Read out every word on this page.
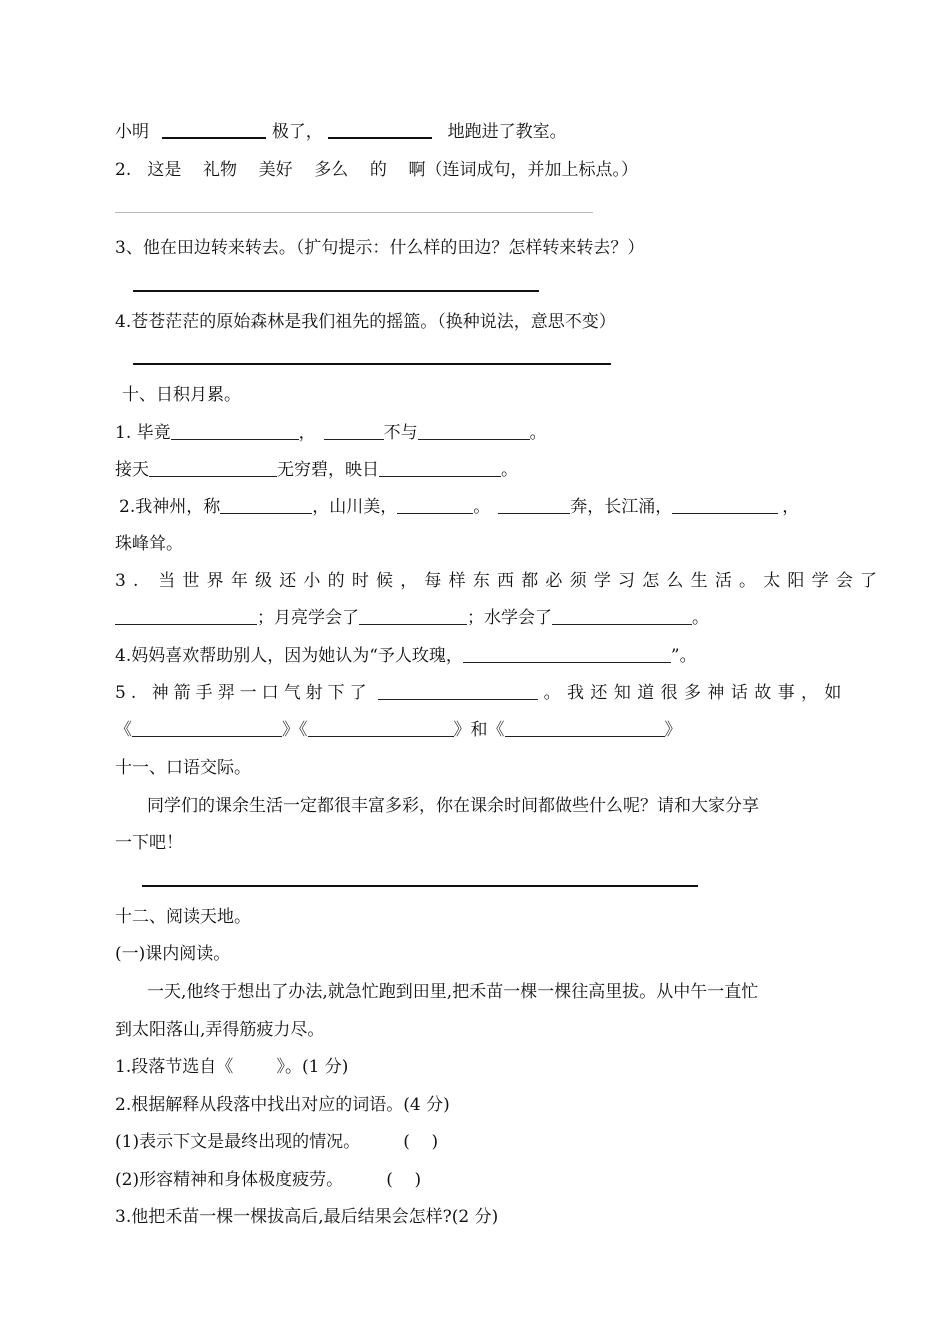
小明	极了，	地跑进了教室。
2.   这是    礼物    美好    多么    的    啊（连词成句，并加上标点。）
3、他在田边转来转去。（扩句提示：什么样的田边？怎样转来转去？）
4.苍苍茫茫的原始森林是我们祖先的摇篮。（换种说法，意思不变）
十、日积月累。
1. 毕竟	，	不与	。
接天	无穷碧，映日	。
2.我神州，称	，山川美，	。	奔，长江涌，	，
珠峰耸。
3. 当世界年级还小的时候，每样东西都必须学习怎么生活。太阳学会了
；月亮学会了	；水学会了	。
4.妈妈喜欢帮助别人，因为她认为“予人玫瑰，	”。
5. 神箭手羿一口气射下了	。我还知道很多神话故事，如
《	》《	》和《	》
十一、口语交际。
同学们的课余生活一定都很丰富多彩，你在课余时间都做些什么呢？请和大家分享
一下吧！
十二、阅读天地。
(一)课内阅读。
一天,他终于想出了办法,就急忙跑到田里,把禾苗一棵一棵往高里拔。从中午一直忙
到太阳落山,弄得筋疲力尽。
1.段落节选自《        》。(1 分)
2.根据解释从段落中找出对应的词语。(4 分)
(1)表示下文是最终出现的情况。        (    )
(2)形容精神和身体极度疲劳。        (    )
3.他把禾苗一棵一棵拔高后,最后结果会怎样?(2 分)
